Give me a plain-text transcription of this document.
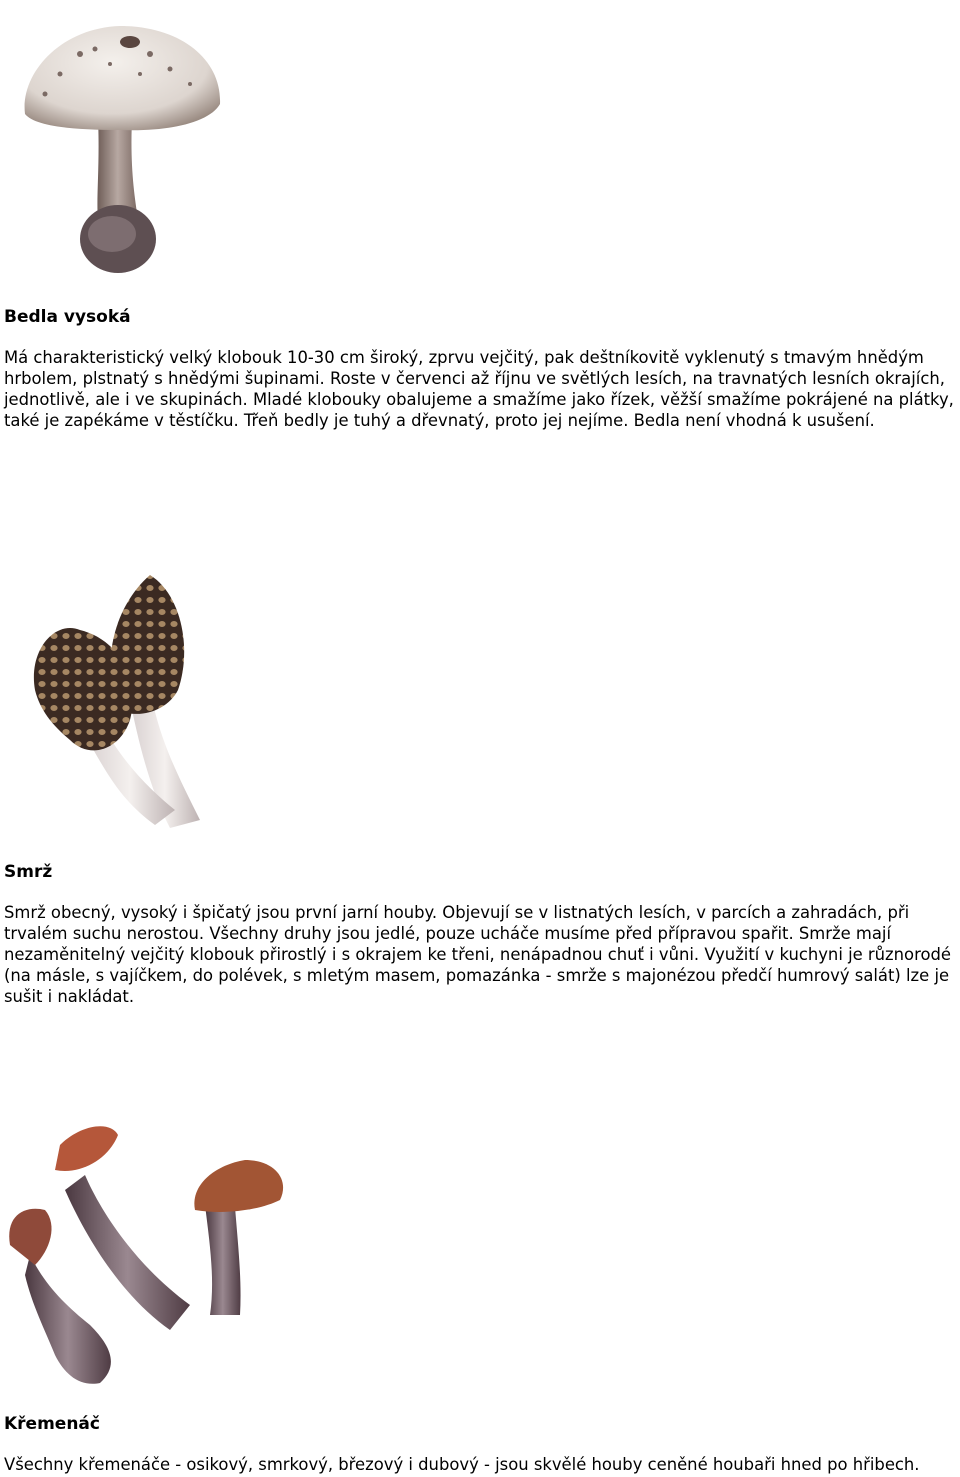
Bedla vysoká

Má charakteristický velký klobouk 10-30 cm široký, zprvu vejčitý, pak deštníkovitě vyklenutý s tmavým hnědým hrbolem, plstnatý s hnědými šupinami. Roste v červenci až říjnu ve světlých lesích, na travnatých lesních okrajích, jednotlivě, ale i ve skupinách. Mladé klobouky obalujeme a smažíme jako řízek, věžší smažíme pokrájené na plátky, také je zapékáme v těstíčku. Třeň bedly je tuhý a dřevnatý, proto jej nejíme. Bedla není vhodná k usušení.

Smrž

Smrž obecný, vysoký i špičatý jsou první jarní houby. Objevují se v listnatých lesích, v parcích a zahradách, při trvalém suchu nerostou. Všechny druhy jsou jedlé, pouze ucháče musíme před přípravou spařit. Smrže mají nezaměnitelný vejčitý klobouk přirostlý i s okrajem ke třeni, nenápadnou chuť i vůni. Využití v kuchyni je různorodé (na másle, s vajíčkem, do polévek, s mletým masem, pomazánka - smrže s majonézou předčí humrový salát) lze je sušit i nakládat.

Křemenáč

Všechny křemenáče - osikový, smrkový, březový i dubový - jsou skvělé houby ceněné houbaři hned po hřibech.
